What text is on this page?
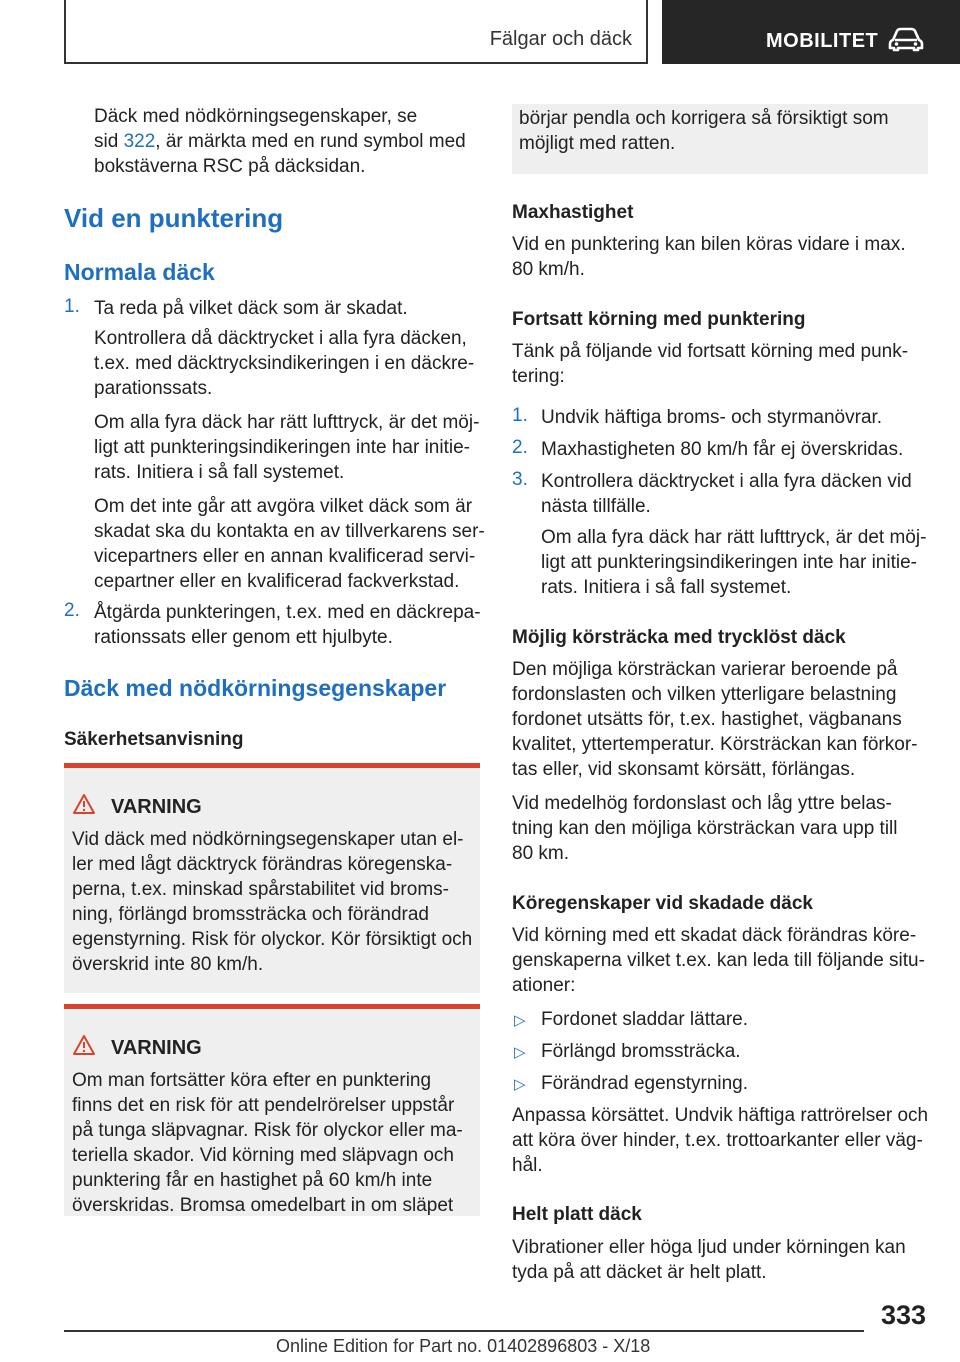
Fälgar och däck	MOBILITET

Däck med nödkörningsegenskaper, se

sid 322, är märkta med en rund symbol med

bokstäverna RSC på däcksidan.

Vid en punktering
Normala däck
1. Ta reda på vilket däck som är skadat.

Kontrollera då däcktrycket i alla fyra däcken,

t.ex. med däcktrycksindikeringen i en däckre‐

parationssats.

Om alla fyra däck har rätt lufttryck, är det möj‐

ligt att punkteringsindikeringen inte har initie‐

rats. Initiera i så fall systemet.

Om det inte går att avgöra vilket däck som är

skadat ska du kontakta en av tillverkarens ser‐

vicepartners eller en annan kvalificerad servi‐

cepartner eller en kvalificerad fackverkstad.

2. Åtgärda punkteringen, t.ex. med en däckrepa‐

rationssats eller genom ett hjulbyte.

Däck med nödkörningsegenskaper
Säkerhetsanvisning
VARNING

Vid däck med nödkörningsegenskaper utan el‐

ler med lågt däcktryck förändras köregenska‐

perna, t.ex. minskad spårstabilitet vid broms‐

ning, förlängd bromssträcka och förändrad

egenstyrning. Risk för olyckor. Kör försiktigt och

överskrid inte 80 km/h.

VARNING

Om man fortsätter köra efter en punktering

finns det en risk för att pendelrörelser uppstår

på tunga släpvagnar. Risk för olyckor eller ma‐

teriella skador. Vid körning med släpvagn och

punktering får en hastighet på 60 km/h inte

överskridas. Bromsa omedelbart in om släpet

börjar pendla och korrigera så försiktigt som

möjligt med ratten.

Maxhastighet

Vid en punktering kan bilen köras vidare i max.

80 km/h.

Fortsatt körning med punktering

Tänk på följande vid fortsatt körning med punk‐

tering:

1. Undvik häftiga broms- och styrmanövrar.

2. Maxhastigheten 80 km/h får ej överskridas.

3. Kontrollera däcktrycket i alla fyra däcken vid

nästa tillfälle.

Om alla fyra däck har rätt lufttryck, är det möj‐

ligt att punkteringsindikeringen inte har initie‐

rats. Initiera i så fall systemet.

Möjlig körsträcka med trycklöst däck

Den möjliga körsträckan varierar beroende på

fordonslasten och vilken ytterligare belastning

fordonet utsätts för, t.ex. hastighet, vägbanans

kvalitet, yttertemperatur. Körsträckan kan förkor‐

tas eller, vid skonsamt körsätt, förlängas.

Vid medelhög fordonslast och låg yttre belas‐

tning kan den möjliga körsträckan vara upp till

80 km.

Köregenskaper vid skadade däck

Vid körning med ett skadat däck förändras köre‐

genskaperna vilket t.ex. kan leda till följande situ‐

ationer:

▷ Fordonet sladdar lättare.

▷ Förlängd bromssträcka.

▷ Förändrad egenstyrning.

Anpassa körsättet. Undvik häftiga rattrörelser och

att köra över hinder, t.ex. trottoarkanter eller väg‐

hål.

Helt platt däck

Vibrationer eller höga ljud under körningen kan

tyda på att däcket är helt platt.

333
Online Edition for Part no. 01402896803 - X/18
